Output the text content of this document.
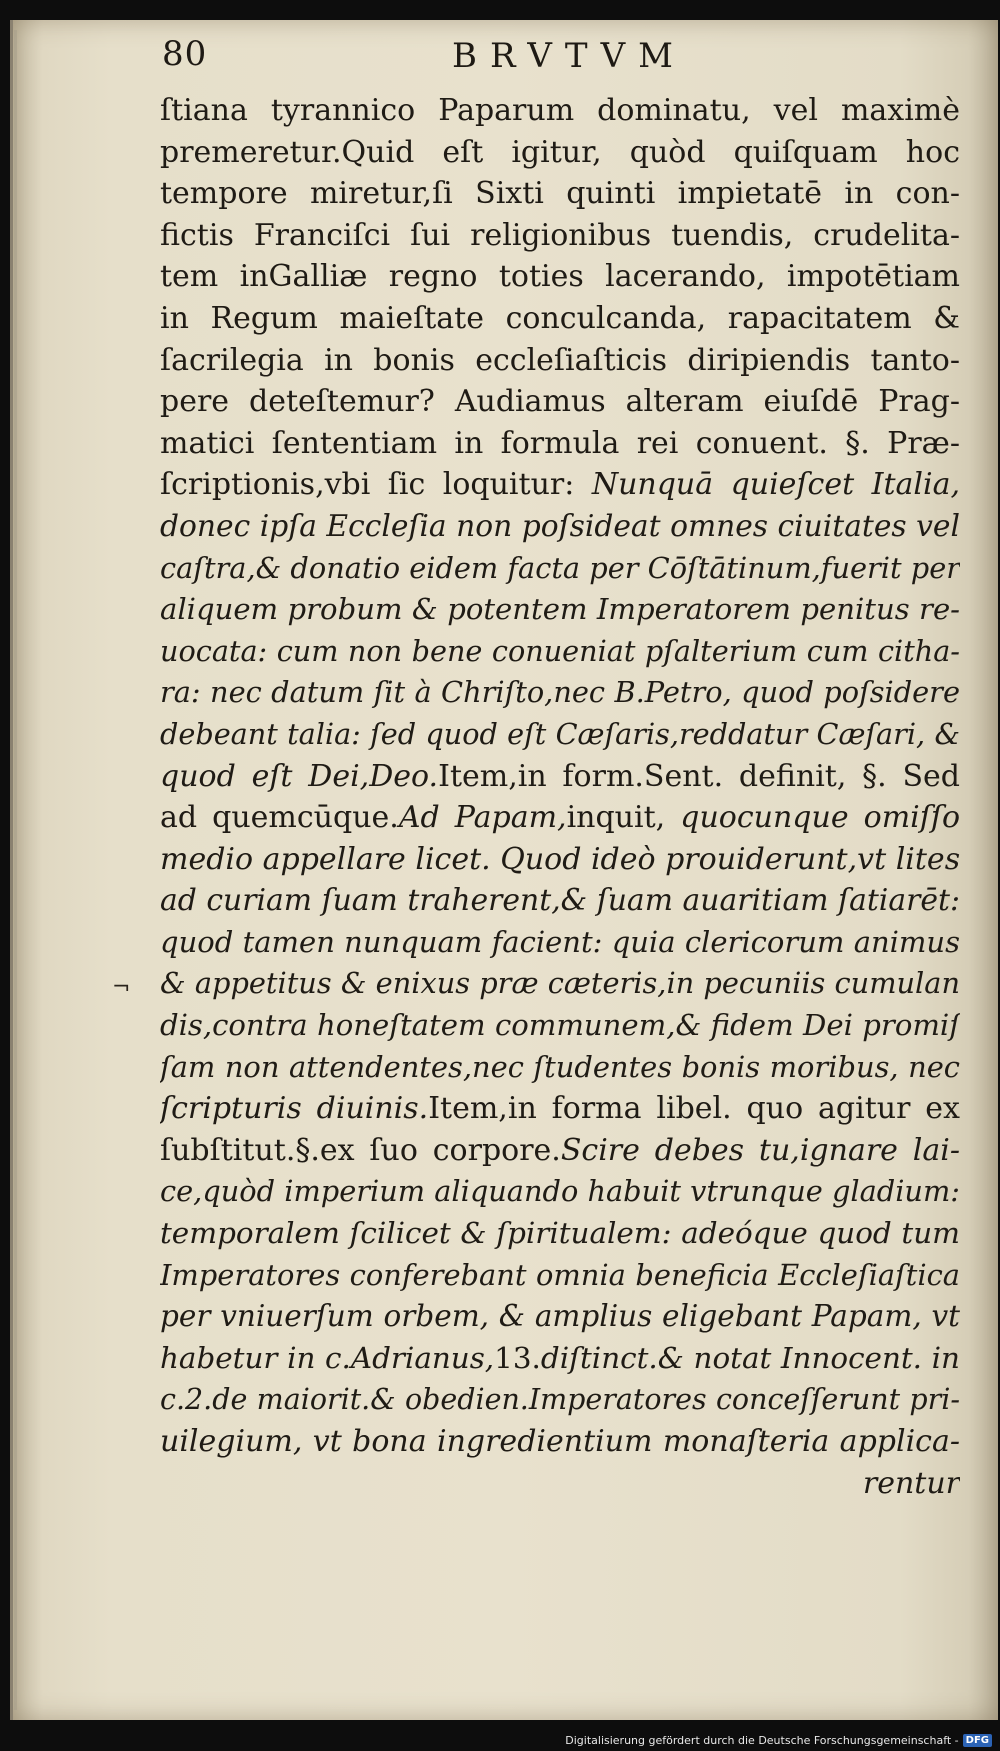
80	BRVTVM
¬
ſtiana tyrannico Paparum dominatu, vel maximè
premeretur.Quid eſt igitur, quòd quiſquam hoc
tempore miretur,ſi Sixti quinti impietatē in con-
fictis Franciſci ſui religionibus tuendis, crudelita-
tem inGalliæ regno toties lacerando, impotētiam
in Regum maieſtate conculcanda, rapacitatem &
ſacrilegia in bonis eccleſiaſticis diripiendis tanto-
pere deteſtemur? Audiamus alteram eiuſdē Prag-
matici ſententiam in formula rei conuent. §. Præ-
ſcriptionis,vbi ſic loquitur: Nunquā quieſcet Italia,
donec ipſa Eccleſia non poſsideat omnes ciuitates vel
caſtra,& donatio eidem facta per Cōſtātinum,fuerit per
aliquem probum & potentem Imperatorem penitus re-
uocata: cum non bene conueniat pſalterium cum citha-
ra: nec datum ſit à Chriſto,nec B.Petro, quod poſsidere
debeant talia: ſed quod eſt Cæſaris,reddatur Cæſari, &
quod eſt Dei,Deo.Item,in form.Sent. definit, §. Sed
ad quemcūque.Ad Papam,inquit, quocunque omiſſo
medio appellare licet. Quod ideò prouiderunt,vt lites
ad curiam ſuam traherent,& ſuam auaritiam ſatiarēt:
quod tamen nunquam facient: quia clericorum animus
& appetitus & enixus præ cæteris,in pecuniis cumulan
dis,contra honeſtatem communem,& fidem Dei promiſ
ſam non attendentes,nec ſtudentes bonis moribus, nec
ſcripturis diuinis.Item,in forma libel. quo agitur ex
ſubſtitut.§.ex ſuo corpore.Scire debes tu,ignare lai-
ce,quòd imperium aliquando habuit vtrunque gladium:
temporalem ſcilicet & ſpiritualem: adeóque quod tum
Imperatores conferebant omnia beneficia Eccleſiaſtica
per vniuerſum orbem, & amplius eligebant Papam, vt
habetur in c.Adrianus,13.diſtinct.& notat Innocent. in
c.2.de maiorit.& obedien.Imperatores conceſſerunt pri-
uilegium, vt bona ingredientium monaſteria applica-
rentur
Digitalisierung gefördert durch die Deutsche Forschungsgemeinschaft - DFG
